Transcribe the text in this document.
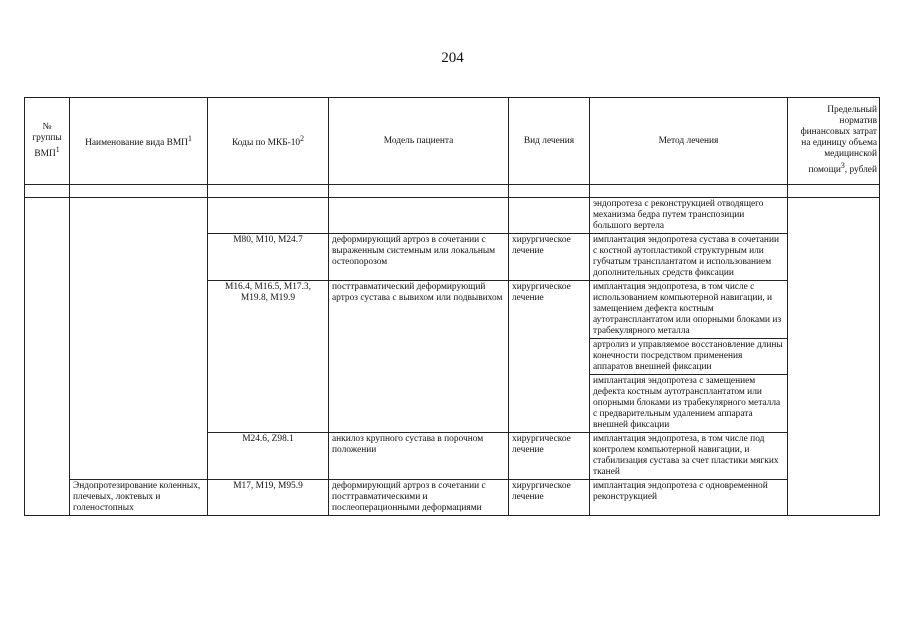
204
№
группы
ВМП$^1$	Наименование вида ВМП$^1$	Коды по МКБ-$10^2$	Модель пациента	Вид лечения	Метод лечения	Предельный норматив финансовых затрат на единицу объема медицинской помощи$^3$, рублей

					эндопротеза с реконструкцией отводящего механизма бедра путем транспозиции большого вертела	
		M80, M10, M24.7	деформирующий артроз в сочетании с выраженным системным или локальным остеопорозом	хирургическое лечение	имплантация эндопротеза сустава в сочетании с костной аутопластикой структурным или губчатым трансплантатом и использованием дополнительных средств фиксации	
		M16.4, M16.5, M17.3, M19.8, M19.9	посттравматический деформирующий артроз сустава с вывихом или подвывихом	хирургическое лечение	имплантация эндопротеза, в том числе с использованием компьютерной навигации, и замещением дефекта костным аутотрансплантатом или опорными блоками из трабекулярного металла	
					артролиз и управляемое восстановление длины конечности посредством применения аппаратов внешней фиксации	
					имплантация эндопротеза с замещением дефекта костным аутотрансплантатом или опорными блоками из трабекулярного металла с предварительным удалением аппарата внешней фиксации	
		M24.6, Z98.1	анкилоз крупного сустава в порочном положении	хирургическое лечение	имплантация эндопротеза, в том числе под контролем компьютерной навигации, и стабилизация сустава за счет пластики мягких тканей	
	Эндопротезирование коленных, плечевых, локтевых и голеностопных	M17, M19, M95.9	деформирующий артроз в сочетании с посттравматическими и послеоперационными деформациями	хирургическое лечение	имплантация эндопротеза с одновременной реконструкцией	
